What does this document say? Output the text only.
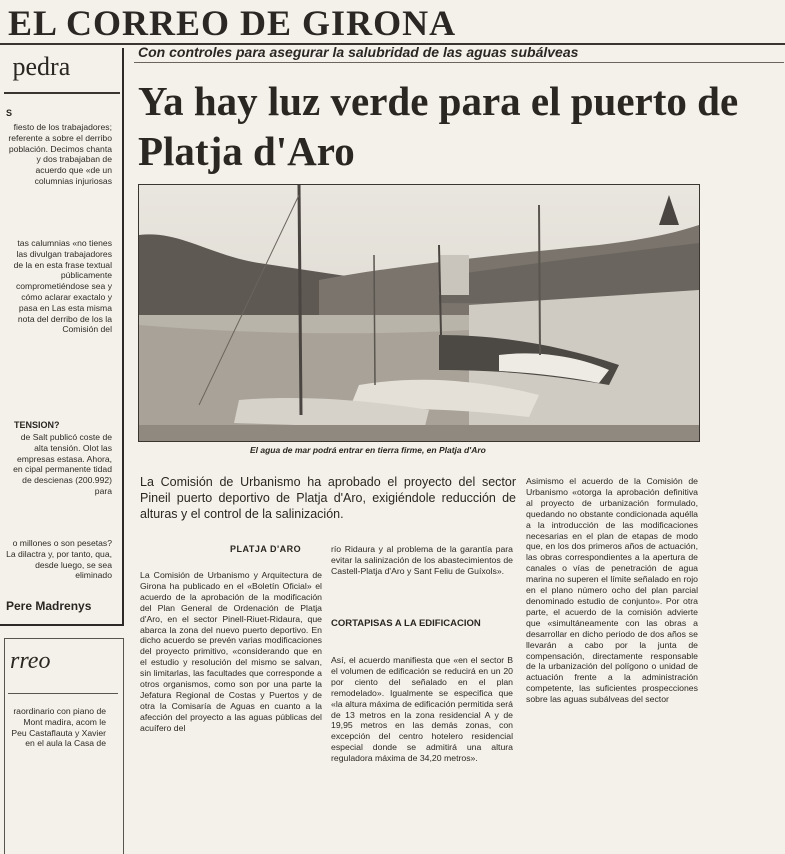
EL CORREO DE GIRONA
pedra
S
fiesto de los trabajadores; referente a sobre el derribo población. Decimos chanta y dos trabajaban de acuerdo que «de un columnias injuriosas
tas calumnias «no tienes las divulgan trabajadores de la en esta frase textual públicamente comprometiéndose sea y cómo aclarar exactalo y pasa en Las esta misma nota del derribo de los la Comisión del
TENSION?
de Salt publicó coste de alta tensión. Olot las empresas estasa. Ahora, en cipal permanente tidad de descienas (200.992) para
o millones o son pesetas? La dilactra y, por tanto, qua, desde luego, se sea eliminado
Pere Madrenys
rreo
raordinario con piano de Mont madira, acom le Peu Castaflauta y Xavier en el aula la Casa de
Con controles para asegurar la salubridad de las aguas subálveas
Ya hay luz verde para el puerto de Platja d'Aro
El agua de mar podrá entrar en tierra firme, en Platja d'Aro
La Comisión de Urbanismo ha aprobado el proyecto del sector Pineil puerto deportivo de Platja d'Aro, exigiéndole reducción de alturas y el control de la salinización.
PLATJA D'ARO
La Comisión de Urbanismo y Arquitectura de Girona ha publicado en el «Boletín Oficial» el acuerdo de la aprobación de la modificación del Plan General de Ordenación de Platja d'Aro, en el sector Pinell-Riuet-Ridaura, que abarca la zona del nuevo puerto deportivo. En dicho acuerdo se prevén varias modificaciones del proyecto primitivo, «considerando que en el estudio y resolución del mismo se salvan, sin limitarlas, las facultades que corresponde a otros organismos, como son por una parte la Jefatura Regional de Costas y Puertos y de otra la Comisaría de Aguas en cuanto a la afección del proyecto a las aguas públicas del acuífero del
río Ridaura y al problema de la garantía para evitar la salinización de los abastecimientos de Castell-Platja d'Aro y Sant Feliu de Guíxols».
CORTAPISAS A LA EDIFICACION
Así, el acuerdo manifiesta que «en el sector B el volumen de edificación se reducirá en un 20 por ciento del señalado en el plan remodelado». Igualmente se especifica que «la altura máxima de edificación permitida será de 13 metros en la zona residencial A y de 19,95 metros en las demás zonas, con excepción del centro hotelero residencial especial donde se admitirá una altura reguladora máxima de 34,20 metros».
Asimismo el acuerdo de la Comisión de Urbanismo «otorga la aprobación definitiva al proyecto de urbanización formulado, quedando no obstante condicionada aquélla a la introducción de las modificaciones necesarias en el plan de etapas de modo que, en los dos primeros años de actuación, las obras correspondientes a la apertura de canales o vías de penetración de agua marina no superen el límite señalado en rojo en el plano número ocho del plan parcial denominado estudio de conjunto». Por otra parte, el acuerdo de la comisión advierte que «simultáneamente con las obras a desarrollar en dicho periodo de dos años se llevarán a cabo por la junta de compensación, directamente responsable de la urbanización del polígono o unidad de actuación frente a la administración competente, las suficientes prospecciones sobre las aguas subálveas del sector
